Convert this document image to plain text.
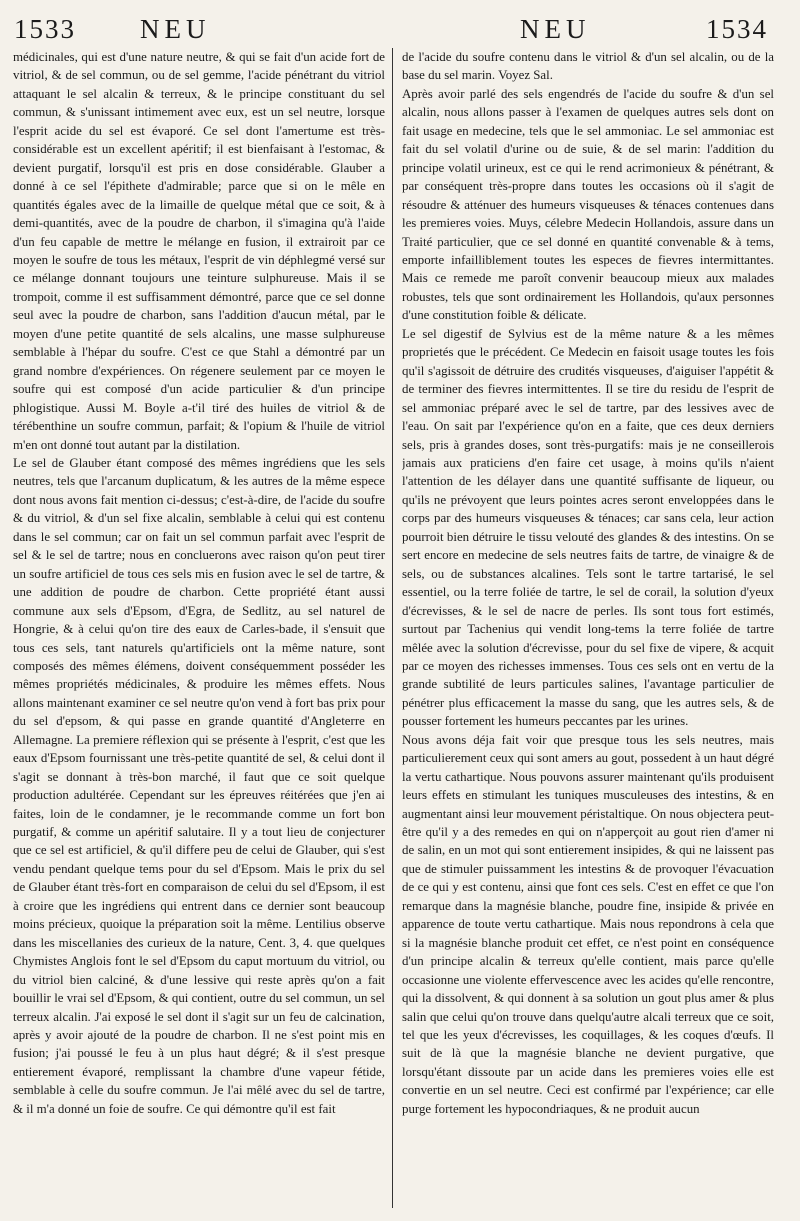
1533 NEU	NEU	1534

médicinales, qui est d'une nature neutre, & qui se fait d'un acide fort de vitriol, & de sel commun, ou de sel gemme, l'acide pénétrant du vitriol attaquant le sel alcalin & terreux, & le principe constituant du sel commun, & s'unissant intimement avec eux, est un sel neutre, lorsque l'esprit acide du sel est évaporé. Ce sel dont l'amertume est très-considérable est un excellent apéritif; il est bienfaisant à l'estomac, & devient purgatif, lorsqu'il est pris en dose considérable. Glauber a donné à ce sel l'épithete d'admirable; parce que si on le mêle en quantités égales avec de la limaille de quelque métal que ce soit, & à demi-quantités, avec de la poudre de charbon, il s'imagina qu'à l'aide d'un feu capable de mettre le mélange en fusion, il extrairoit par ce moyen le soufre de tous les métaux, l'esprit de vin déphlegmé versé sur ce mélange donnant toujours une teinture sulphureuse. Mais il se trompoit, comme il est suffisamment démontré, parce que ce sel donne seul avec la poudre de charbon, sans l'addition d'aucun métal, par le moyen d'une petite quantité de sels alcalins, une masse sulphureuse semblable à l'hépar du soufre. C'est ce que Stahl a démontré par un grand nombre d'expériences. On régenere seulement par ce moyen le soufre qui est composé d'un acide particulier & d'un principe phlogistique. Aussi M. Boyle a-t'il tiré des huiles de vitriol & de térébenthine un soufre commun, parfait; & l'opium & l'huile de vitriol m'en ont donné tout autant par la distilation.

Le sel de Glauber étant composé des mêmes ingrédiens que les sels neutres, tels que l'arcanum duplicatum, & les autres de la même espece dont nous avons fait mention ci-dessus; c'est-à-dire, de l'acide du soufre & du vitriol, & d'un sel fixe alcalin, semblable à celui qui est contenu dans le sel commun; car on fait un sel commun parfait avec l'esprit de sel & le sel de tartre; nous en concluerons avec raison qu'on peut tirer un soufre artificiel de tous ces sels mis en fusion avec le sel de tartre, & une addition de poudre de charbon. Cette propriété étant aussi commune aux sels d'Epsom, d'Egra, de Sedlitz, au sel naturel de Hongrie, & à celui qu'on tire des eaux de Carles-bade, il s'ensuit que tous ces sels, tant naturels qu'artificiels ont la même nature, sont composés des mêmes élémens, doivent conséquemment posséder les mêmes propriétés médicinales, & produire les mêmes effets. Nous allons maintenant examiner ce sel neutre qu'on vend à fort bas prix pour du sel d'epsom, & qui passe en grande quantité d'Angleterre en Allemagne. La premiere réflexion qui se présente à l'esprit, c'est que les eaux d'Epsom fournissant une très-petite quantité de sel, & celui dont il s'agit se donnant à très-bon marché, il faut que ce soit quelque production adultérée. Cependant sur les épreuves réitérées que j'en ai faites, loin de le condamner, je le recommande comme un fort bon purgatif, & comme un apéritif salutaire. Il y a tout lieu de conjecturer que ce sel est artificiel, & qu'il differe peu de celui de Glauber, qui s'est vendu pendant quelque tems pour du sel d'Epsom. Mais le prix du sel de Glauber étant très-fort en comparaison de celui du sel d'Epsom, il est à croire que les ingrédiens qui entrent dans ce dernier sont beaucoup moins précieux, quoique la préparation soit la même. Lentilius observe dans les miscellanies des curieux de la nature, Cent. 3, 4. que quelques Chymistes Anglois font le sel d'Epsom du caput mortuum du vitriol, ou du vitriol bien calciné, & d'une lessive qui reste après qu'on a fait bouillir le vrai sel d'Epsom, & qui contient, outre du sel commun, un sel terreux alcalin. J'ai exposé le sel dont il s'agit sur un feu de calcination, après y avoir ajouté de la poudre de charbon. Il ne s'est point mis en fusion; j'ai poussé le feu à un plus haut dégré; & il s'est presque entierement évaporé, remplissant la chambre d'une vapeur fétide, semblable à celle du soufre commun. Je l'ai mêlé avec du sel de tartre, & il m'a donné un foie de soufre. Ce qui démontre qu'il est fait

de l'acide du soufre contenu dans le vitriol & d'un sel alcalin, ou de la base du sel marin. Voyez Sal.

Après avoir parlé des sels engendrés de l'acide du soufre & d'un sel alcalin, nous allons passer à l'examen de quelques autres sels dont on fait usage en medecine, tels que le sel ammoniac. Le sel ammoniac est fait du sel volatil d'urine ou de suie, & de sel marin: l'addition du principe volatil urineux, est ce qui le rend acrimonieux & pénétrant, & par conséquent très-propre dans toutes les occasions où il s'agit de résoudre & atténuer des humeurs visqueuses & ténaces contenues dans les premieres voies. Muys, célebre Medecin Hollandois, assure dans un Traité particulier, que ce sel donné en quantité convenable & à tems, emporte infailliblement toutes les especes de fievres intermittantes. Mais ce remede me paroît convenir beaucoup mieux aux malades robustes, tels que sont ordinairement les Hollandois, qu'aux personnes d'une constitution foible & délicate.

Le sel digestif de Sylvius est de la même nature & a les mêmes proprietés que le précédent. Ce Medecin en faisoit usage toutes les fois qu'il s'agissoit de détruire des crudités visqueuses, d'aiguiser l'appétit & de terminer des fievres intermittentes. Il se tire du residu de l'esprit de sel ammoniac préparé avec le sel de tartre, par des lessives avec de l'eau. On sait par l'expérience qu'on en a faite, que ces deux derniers sels, pris à grandes doses, sont très-purgatifs: mais je ne conseillerois jamais aux praticiens d'en faire cet usage, à moins qu'ils n'aient l'attention de les délayer dans une quantité suffisante de liqueur, ou qu'ils ne prévoyent que leurs pointes acres seront enveloppées dans le corps par des humeurs visqueuses & ténaces; car sans cela, leur action pourroit bien détruire le tissu velouté des glandes & des intestins. On se sert encore en medecine de sels neutres faits de tartre, de vinaigre & de sels, ou de substances alcalines. Tels sont le tartre tartarisé, le sel essentiel, ou la terre foliée de tartre, le sel de corail, la solution d'yeux d'écrevisses, & le sel de nacre de perles. Ils sont tous fort estimés, surtout par Tachenius qui vendit long-tems la terre foliée de tartre mêlée avec la solution d'écrevisse, pour du sel fixe de vipere, & acquit par ce moyen des richesses immenses. Tous ces sels ont en vertu de la grande subtilité de leurs particules salines, l'avantage particulier de pénétrer plus efficacement la masse du sang, que les autres sels, & de pousser fortement les humeurs peccantes par les urines.

Nous avons déja fait voir que presque tous les sels neutres, mais particulierement ceux qui sont amers au gout, possedent à un haut dégré la vertu cathartique. Nous pouvons assurer maintenant qu'ils produisent leurs effets en stimulant les tuniques musculeuses des intestins, & en augmentant ainsi leur mouvement péristaltique. On nous objectera peut-être qu'il y a des remedes en qui on n'apperçoit au gout rien d'amer ni de salin, en un mot qui sont entierement insipides, & qui ne laissent pas que de stimuler puissamment les intestins & de provoquer l'évacuation de ce qui y est contenu, ainsi que font ces sels. C'est en effet ce que l'on remarque dans la magnésie blanche, poudre fine, insipide & privée en apparence de toute vertu cathartique. Mais nous repondrons à cela que si la magnésie blanche produit cet effet, ce n'est point en conséquence d'un principe alcalin & terreux qu'elle contient, mais parce qu'elle occasionne une violente effervescence avec les acides qu'elle rencontre, qui la dissolvent, & qui donnent à sa solution un gout plus amer & plus salin que celui qu'on trouve dans quelqu'autre alcali terreux que ce soit, tel que les yeux d'écrevisses, les coquillages, & les coques d'œufs. Il suit de là que la magnésie blanche ne devient purgative, que lorsqu'étant dissoute par un acide dans les premieres voies elle est convertie en un sel neutre. Ceci est confirmé par l'expérience; car elle purge fortement les hypocondriaques, & ne produit aucun
